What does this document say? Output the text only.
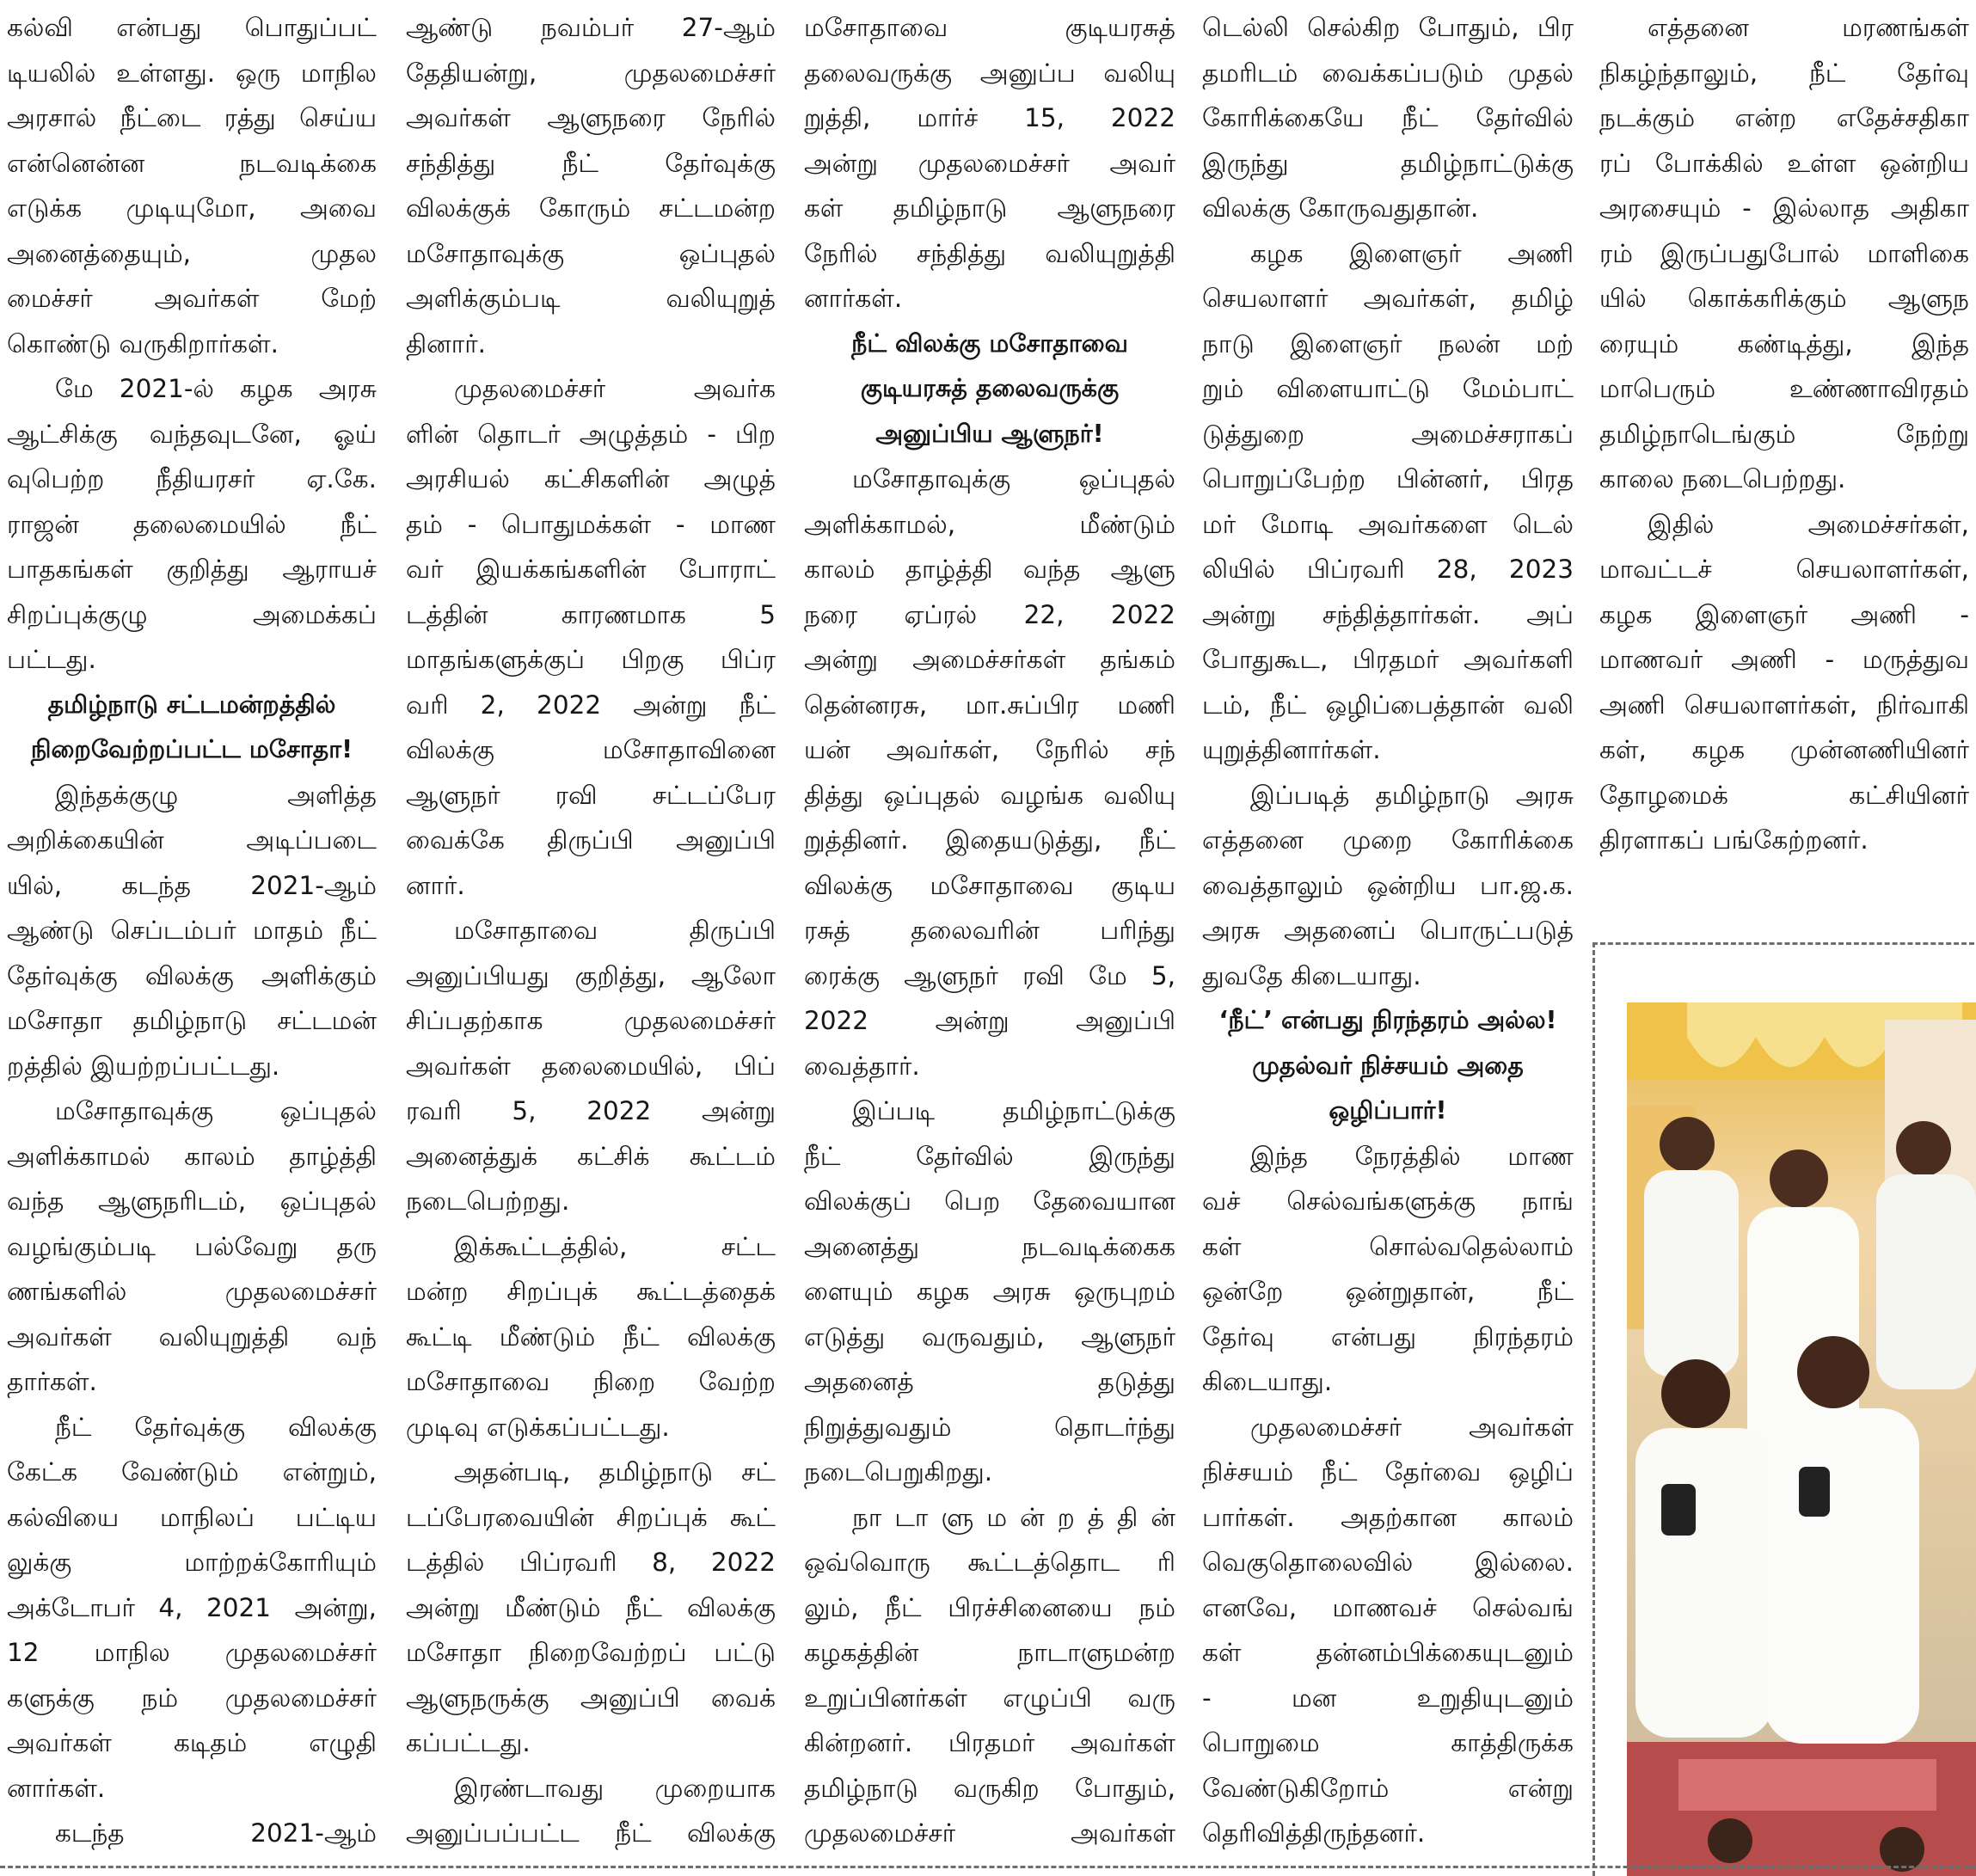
கல்வி என்பது பொதுப்பட்
டியலில் உள்ளது. ஒரு மாநில
அரசால் நீட்டை ரத்து செய்ய
என்னென்ன நடவடிக்கை
எடுக்க முடியுமோ, அவை
அனைத்தையும், முதல
மைச்சர் அவர்கள் மேற்
கொண்டு வருகிறார்கள்.

மே 2021-ல் கழக அரசு
ஆட்சிக்கு வந்தவுடனே, ஓய்
வுபெற்ற நீதியரசர் ஏ.கே.
ராஜன் தலைமையில் நீட்
பாதகங்கள் குறித்து ஆராயச்
சிறப்புக்குழு அமைக்கப்
பட்டது.

தமிழ்நாடு சட்டமன்றத்தில்
நிறைவேற்றப்பட்ட மசோதா!

இந்தக்குழு அளித்த
அறிக்கையின் அடிப்படை
யில், கடந்த 2021-ஆம்
ஆண்டு செப்டம்பர் மாதம் நீட்
தேர்வுக்கு விலக்கு அளிக்கும்
மசோதா தமிழ்நாடு சட்டமன்
றத்தில் இயற்றப்பட்டது.

மசோதாவுக்கு ஒப்புதல்
அளிக்காமல் காலம் தாழ்த்தி
வந்த ஆளுநரிடம், ஒப்புதல்
வழங்கும்படி பல்வேறு தரு
ணங்களில் முதலமைச்சர்
அவர்கள் வலியுறுத்தி வந்
தார்கள்.

நீட் தேர்வுக்கு விலக்கு
கேட்க வேண்டும் என்றும்,
கல்வியை மாநிலப் பட்டிய
லுக்கு மாற்றக்கோரியும்
அக்டோபர் 4, 2021 அன்று,
12 மாநில முதலமைச்சர்
களுக்கு நம் முதலமைச்சர்
அவர்கள் கடிதம் எழுதி
னார்கள்.

கடந்த 2021-ஆம்

ஆண்டு நவம்பர் 27-ஆம்
தேதியன்று, முதலமைச்சர்
அவர்கள் ஆளுநரை நேரில்
சந்தித்து நீட் தேர்வுக்கு
விலக்குக் கோரும் சட்டமன்ற
மசோதாவுக்கு ஒப்புதல்
அளிக்கும்படி வலியுறுத்
தினார்.

முதலமைச்சர் அவர்க
ளின் தொடர் அழுத்தம் - பிற
அரசியல் கட்சிகளின் அழுத்
தம் - பொதுமக்கள் - மாண
வர் இயக்கங்களின் போராட்
டத்தின் காரணமாக 5
மாதங்களுக்குப் பிறகு பிப்ர
வரி 2, 2022 அன்று நீட்
விலக்கு மசோதாவினை
ஆளுநர் ரவி சட்டப்பேர
வைக்கே திருப்பி அனுப்பி
னார்.

மசோதாவை திருப்பி
அனுப்பியது குறித்து, ஆலோ
சிப்பதற்காக முதலமைச்சர்
அவர்கள் தலைமையில், பிப்
ரவரி 5, 2022 அன்று
அனைத்துக் கட்சிக் கூட்டம்
நடைபெற்றது.

இக்கூட்டத்தில், சட்ட
மன்ற சிறப்புக் கூட்டத்தைக்
கூட்டி மீண்டும் நீட் விலக்கு
மசோதாவை நிறை வேற்ற
முடிவு எடுக்கப்பட்டது.

அதன்படி, தமிழ்நாடு சட்
டப்பேரவையின் சிறப்புக் கூட்
டத்தில் பிப்ரவரி 8, 2022
அன்று மீண்டும் நீட் விலக்கு
மசோதா நிறைவேற்றப் பட்டு
ஆளுநருக்கு அனுப்பி வைக்
கப்பட்டது.

இரண்டாவது முறையாக
அனுப்பப்பட்ட நீட் விலக்கு

மசோதாவை குடியரசுத்
தலைவருக்கு அனுப்ப வலியு
றுத்தி, மார்ச் 15, 2022
அன்று முதலமைச்சர் அவர்
கள் தமிழ்நாடு ஆளுநரை
நேரில் சந்தித்து வலியுறுத்தி
னார்கள்.

நீட் விலக்கு மசோதாவை
குடியரசுத் தலைவருக்கு
அனுப்பிய ஆளுநர்!

மசோதாவுக்கு ஒப்புதல்
அளிக்காமல், மீண்டும்
காலம் தாழ்த்தி வந்த ஆளு
நரை ஏப்ரல் 22, 2022
அன்று அமைச்சர்கள் தங்கம்
தென்னரசு, மா.சுப்பிர மணி
யன் அவர்கள், நேரில் சந்
தித்து ஒப்புதல் வழங்க வலியு
றுத்தினர். இதையடுத்து, நீட்
விலக்கு மசோதாவை குடிய
ரசுத் தலைவரின் பரிந்து
ரைக்கு ஆளுநர் ரவி மே 5,
2022 அன்று அனுப்பி
வைத்தார்.

இப்படி தமிழ்நாட்டுக்கு
நீட் தேர்வில் இருந்து
விலக்குப் பெற தேவையான
அனைத்து நடவடிக்கைக
ளையும் கழக அரசு ஒருபுறம்
எடுத்து வருவதும், ஆளுநர்
அதனைத் தடுத்து
நிறுத்துவதும் தொடர்ந்து
நடைபெறுகிறது.

நா டா ளு ம ன் ற த் தி ன்
ஒவ்வொரு கூட்டத்தொட ரி
லும், நீட் பிரச்சினையை நம்
கழகத்தின் நாடாளுமன்ற
உறுப்பினர்கள் எழுப்பி வரு
கின்றனர். பிரதமர் அவர்கள்
தமிழ்நாடு வருகிற போதும்,
முதலமைச்சர் அவர்கள்

டெல்லி செல்கிற போதும், பிர
தமரிடம் வைக்கப்படும் முதல்
கோரிக்கையே நீட் தேர்வில்
இருந்து தமிழ்நாட்டுக்கு
விலக்கு கோருவதுதான்.

கழக இளைஞர் அணி
செயலாளர் அவர்கள், தமிழ்
நாடு இளைஞர் நலன் மற்
றும் விளையாட்டு மேம்பாட்
டுத்துறை அமைச்சராகப்
பொறுப்பேற்ற பின்னர், பிரத
மர் மோடி அவர்களை டெல்
லியில் பிப்ரவரி 28, 2023
அன்று சந்தித்தார்கள். அப்
போதுகூட, பிரதமர் அவர்களி
டம், நீட் ஒழிப்பைத்தான் வலி
யுறுத்தினார்கள்.

இப்படித் தமிழ்நாடு அரசு
எத்தனை முறை கோரிக்கை
வைத்தாலும் ஒன்றிய பா.ஜ.க.
அரசு அதனைப் பொருட்படுத்
துவதே கிடையாது.

‘நீட்’ என்பது நிரந்தரம் அல்ல!
முதல்வர் நிச்சயம் அதை
ஒழிப்பார்!

இந்த நேரத்தில் மாண
வச் செல்வங்களுக்கு நாங்
கள் சொல்வதெல்லாம்
ஒன்றே ஒன்றுதான், நீட்
தேர்வு என்பது நிரந்தரம்
கிடையாது.

முதலமைச்சர் அவர்கள்
நிச்சயம் நீட் தேர்வை ஒழிப்
பார்கள். அதற்கான காலம்
வெகுதொலைவில் இல்லை.
எனவே, மாணவச் செல்வங்
கள் தன்னம்பிக்கையுடனும்
- மன உறுதியுடனும்
பொறுமை காத்திருக்க
வேண்டுகிறோம் என்று
தெரிவித்திருந்தனர்.

எத்தனை மரணங்கள்
நிகழ்ந்தாலும், நீட் தேர்வு
நடக்கும் என்ற எதேச்சதிகா
ரப் போக்கில் உள்ள ஒன்றிய
அரசையும் - இல்லாத அதிகா
ரம் இருப்பதுபோல் மாளிகை
யில் கொக்கரிக்கும் ஆளுந
ரையும் கண்டித்து, இந்த
மாபெரும் உண்ணாவிரதம்
தமிழ்நாடெங்கும் நேற்று
காலை நடைபெற்றது.

இதில் அமைச்சர்கள்,
மாவட்டச் செயலாளர்கள்,
கழக இளைஞர் அணி -
மாணவர் அணி - மருத்துவ
அணி செயலாளர்கள், நிர்வாகி
கள், கழக முன்னணியினர்
தோழமைக் கட்சியினர்
திரளாகப் பங்கேற்றனர்.
